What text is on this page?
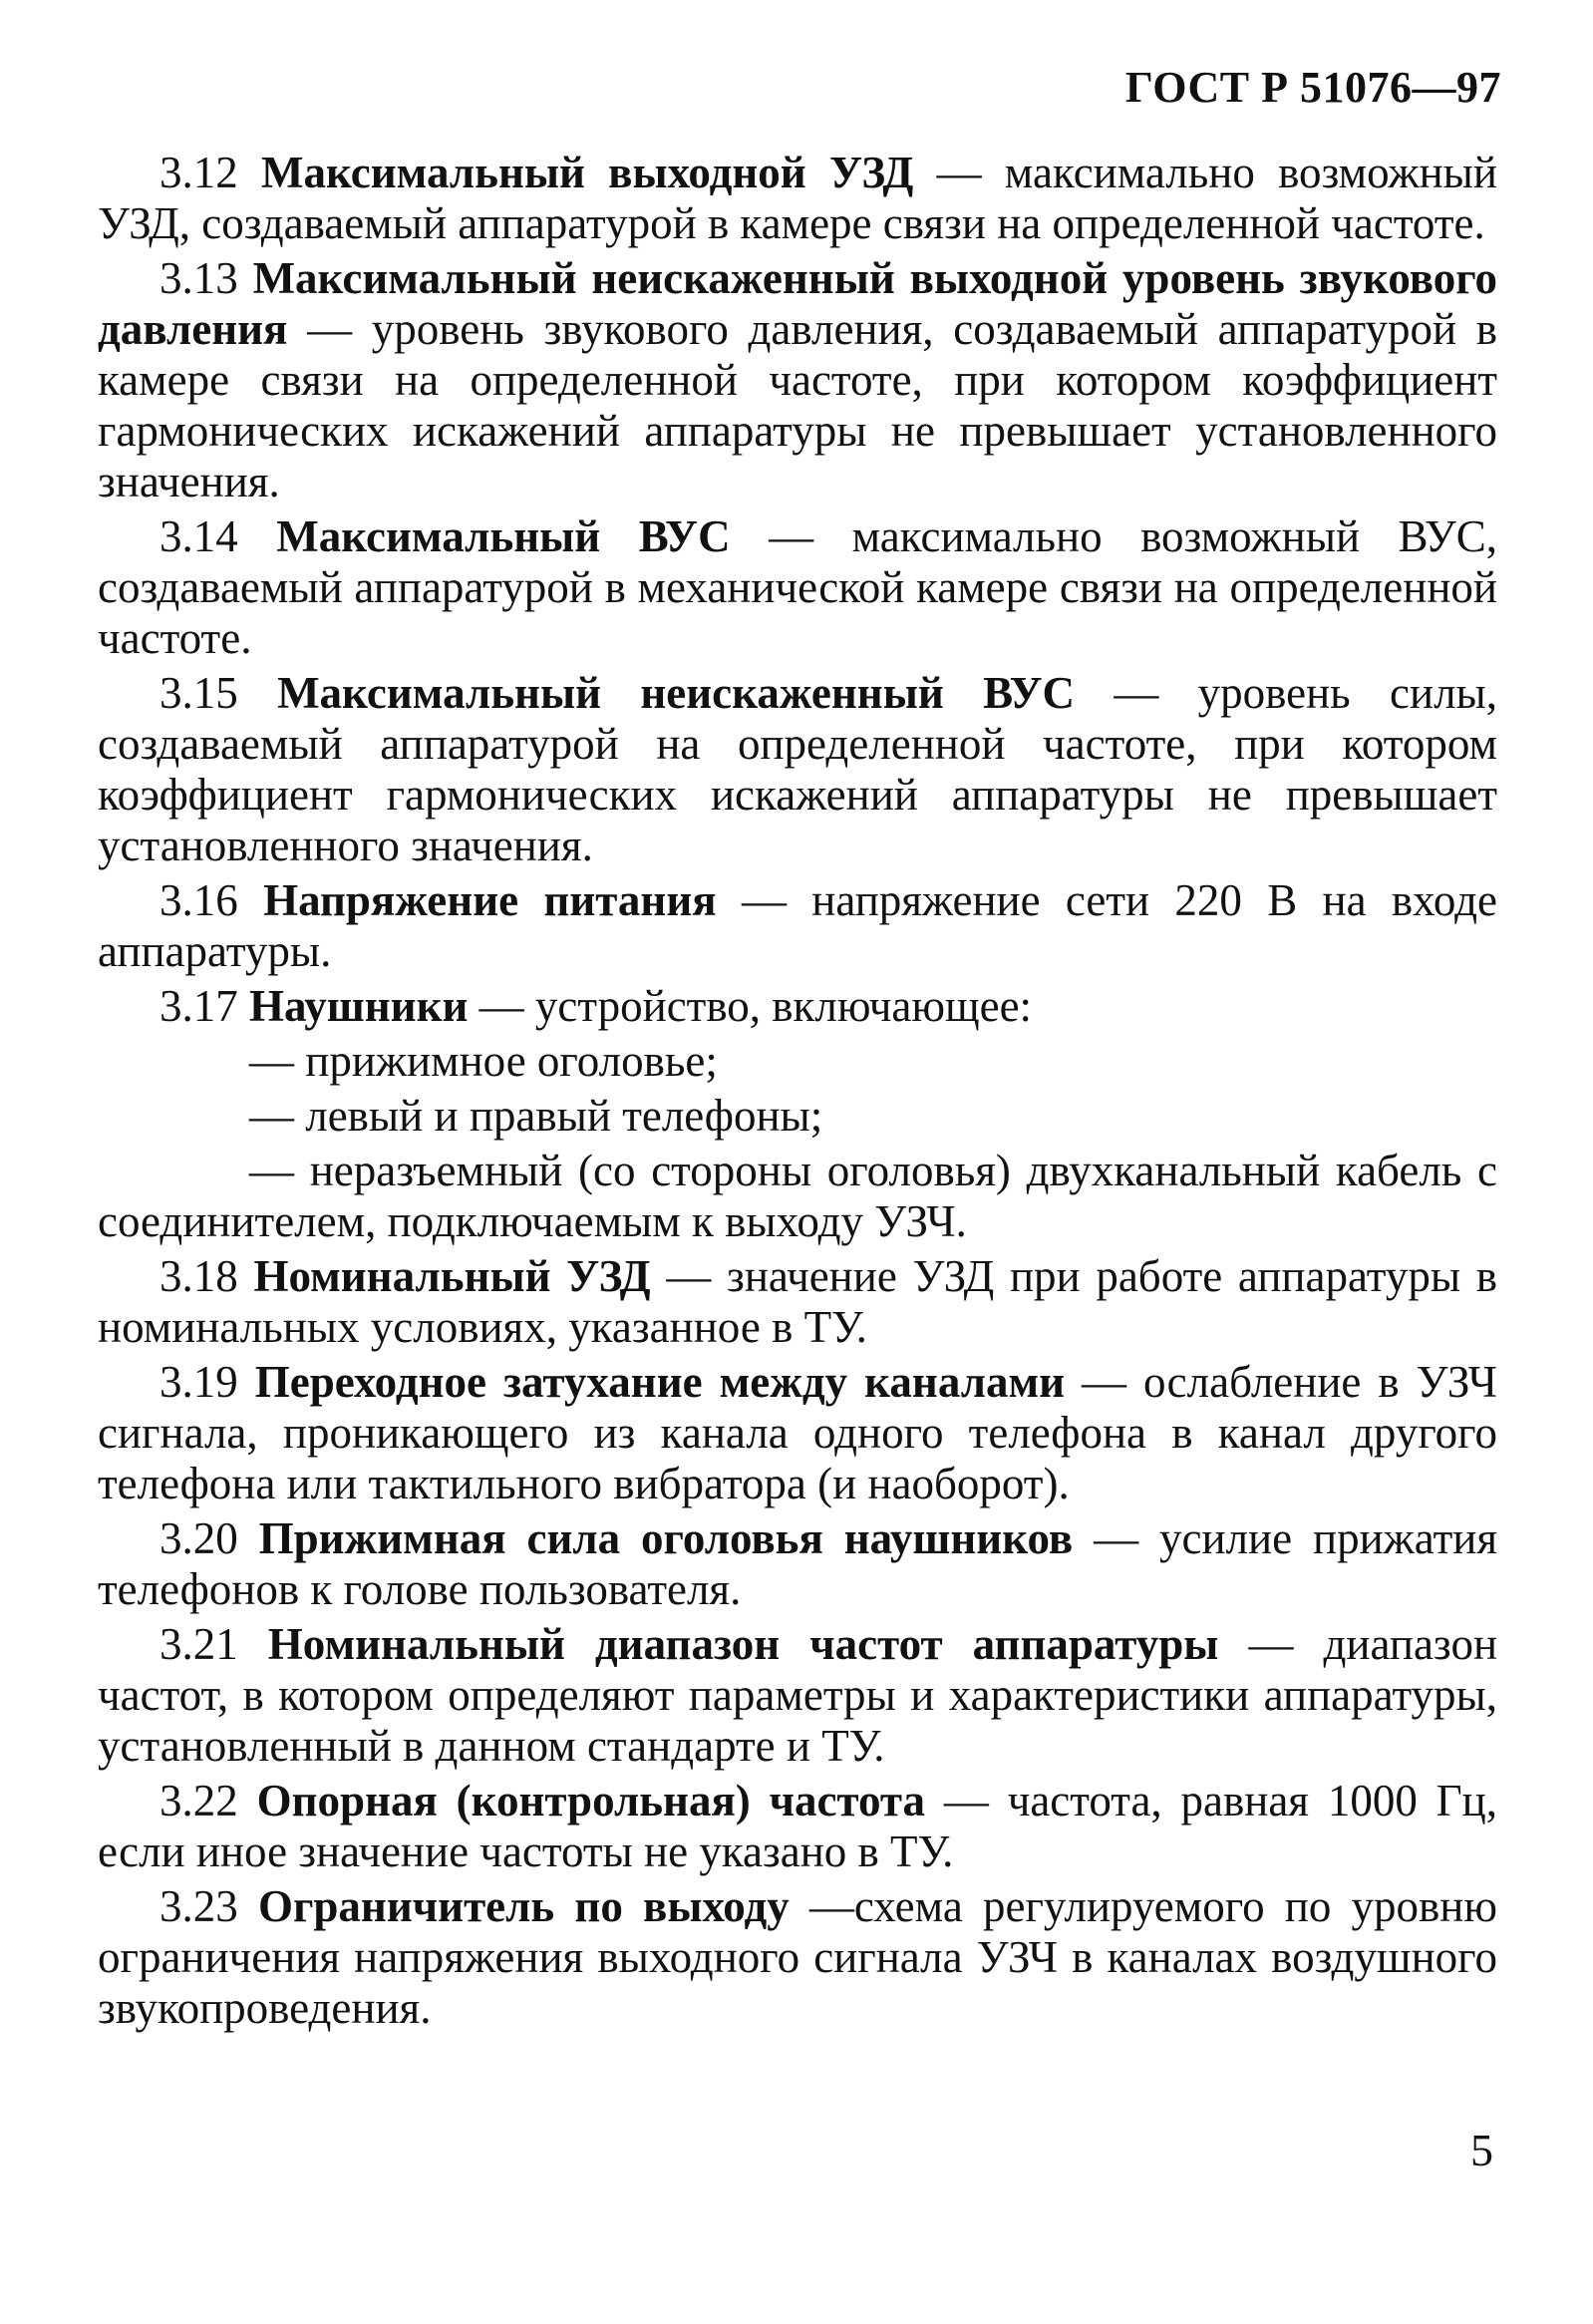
ГОСТ Р 51076—97

3.12 Максимальный выходной УЗД — максимально возможный УЗД, создаваемый аппаратурой в камере связи на определенной частоте.

3.13 Максимальный неискаженный выходной уровень звукового давления — уровень звукового давления, создаваемый аппаратурой в камере связи на определенной частоте, при котором коэффициент гармонических искажений аппаратуры не превышает установленного значения.

3.14 Максимальный ВУС — максимально возможный ВУС, создаваемый аппаратурой в механической камере связи на определенной частоте.

3.15 Максимальный неискаженный ВУС — уровень силы, создаваемый аппаратурой на определенной частоте, при котором коэффициент гармонических искажений аппаратуры не превышает установленного значения.

3.16 Напряжение питания — напряжение сети 220 В на входе аппаратуры.

3.17 Наушники — устройство, включающее:

— прижимное оголовье;

— левый и правый телефоны;

— неразъемный (со стороны оголовья) двухканальный кабель с соединителем, подключаемым к выходу УЗЧ.

3.18 Номинальный УЗД — значение УЗД при работе аппаратуры в номинальных условиях, указанное в ТУ.

3.19 Переходное затухание между каналами — ослабление в УЗЧ сигнала, проникающего из канала одного телефона в канал другого телефона или тактильного вибратора (и наоборот).

3.20 Прижимная сила оголовья наушников — усилие прижатия телефонов к голове пользователя.

3.21 Номинальный диапазон частот аппаратуры — диапазон частот, в котором определяют параметры и характеристики аппаратуры, установленный в данном стандарте и ТУ.

3.22 Опорная (контрольная) частота — частота, равная 1000 Гц, если иное значение частоты не указано в ТУ.

3.23 Ограничитель по выходу —схема регулируемого по уровню ограничения напряжения выходного сигнала УЗЧ в каналах воздушного звукопроведения.

5
